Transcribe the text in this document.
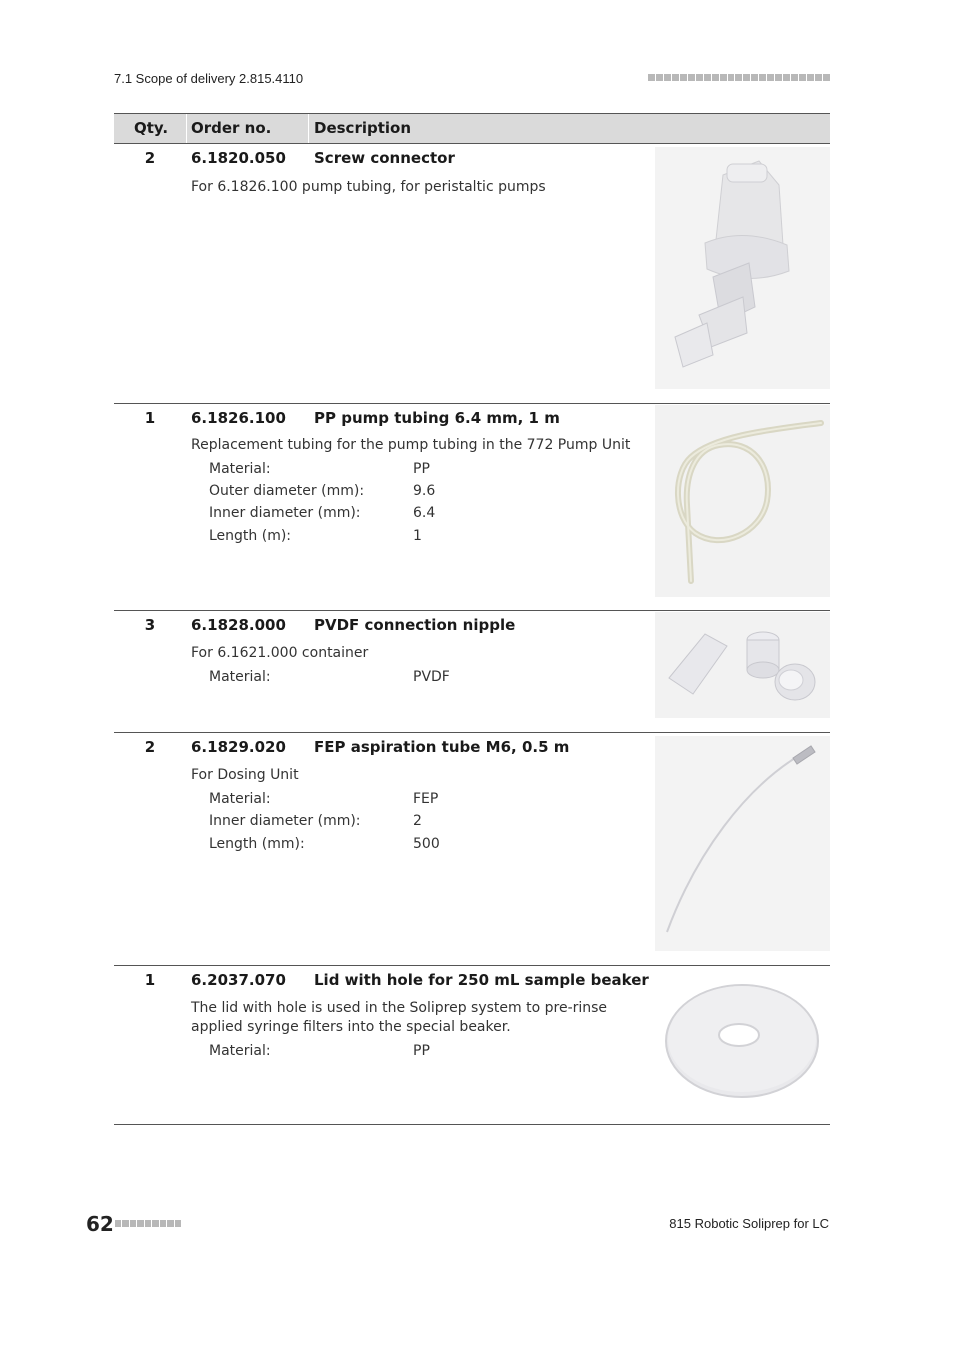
7.1 Scope of delivery 2.815.4110
Qty. Order no.	Description
2	6.1820.050 Screw connector
For 6.1826.100 pump tubing, for peristaltic pumps
1	6.1826.100 PP pump tubing 6.4 mm, 1 m
Replacement tubing for the pump tubing in the 772 Pump Unit
Material:	PP
Outer diameter (mm):	9.6
Inner diameter (mm):	6.4
Length (m):	1
3	6.1828.000 PVDF connection nipple
For 6.1621.000 container
Material:	PVDF
2	6.1829.020 FEP aspiration tube M6, 0.5 m
For Dosing Unit
Material:	FEP
Inner diameter (mm):	2
Length (mm):	500
1	6.2037.070 Lid with hole for 250 mL sample beaker
The lid with hole is used in the Soliprep system to pre-rinse applied syringe filters into the special beaker.
Material:	PP
62	815 Robotic Soliprep for LC
